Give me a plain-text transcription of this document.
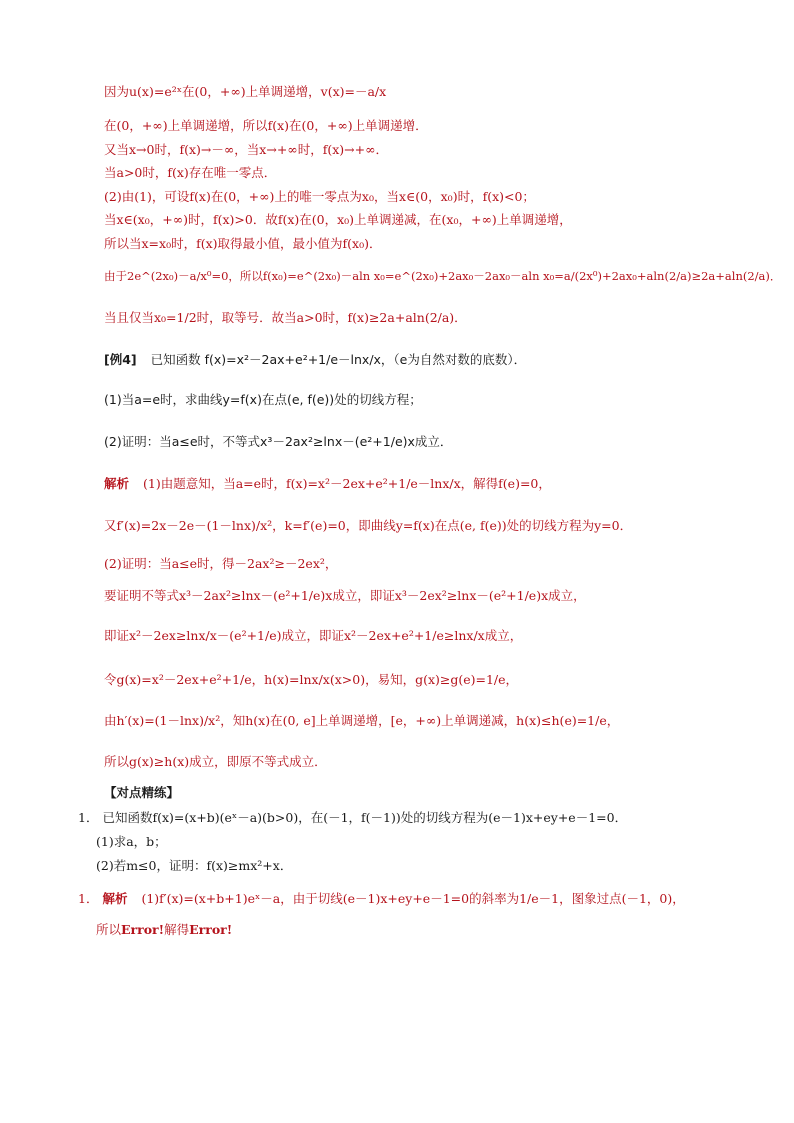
因为u(x)=e²ˣ在(0，+∞)上单调递增，v(x)=－a/x
在(0，+∞)上单调递增，所以f(x)在(0，+∞)上单调递增．
又当x→0时，f(x)→－∞，当x→+∞时，f(x)→+∞．
当a>0时，f(x)存在唯一零点．
(2)由(1)，可设f(x)在(0，+∞)上的唯一零点为x₀，当x∈(0，x₀)时，f(x)<0；
当x∈(x₀，+∞)时，f(x)>0．故f(x)在(0，x₀)上单调递减，在(x₀，+∞)上单调递增，
所以当x=x₀时，f(x)取得最小值，最小值为f(x₀)．
由于2e^(2x₀)－a/x⁰=0，所以f(x₀)=e^(2x₀)－aln x₀=e^(2x₀)+2ax₀－2ax₀－aln x₀=a/(2x⁰)+2ax₀+aln(2/a)≥2a+aln(2/a)．
当且仅当x₀=1/2时，取等号．故当a>0时，f(x)≥2a+aln(2/a)．
[例4] 已知函数 f(x)=x²－2ax+e²+1/e－lnx/x，（e为自然对数的底数）．
(1)当a=e时，求曲线y=f(x)在点(e, f(e))处的切线方程；
(2)证明：当a≤e时，不等式x³－2ax²≥lnx－(e²+1/e)x成立．
解析 (1)由题意知，当a=e时，f(x)=x²－2ex+e²+1/e－lnx/x，解得f(e)=0，
又f′(x)=2x－2e－(1－lnx)/x²，k=f′(e)=0，即曲线y=f(x)在点(e, f(e))处的切线方程为y=0．
(2)证明：当a≤e时，得－2ax²≥－2ex²，
要证明不等式x³－2ax²≥lnx－(e²+1/e)x成立，即证x³－2ex²≥lnx－(e²+1/e)x成立，
即证x²－2ex≥lnx/x－(e²+1/e)成立，即证x²－2ex+e²+1/e≥lnx/x成立，
令g(x)=x²－2ex+e²+1/e，h(x)=lnx/x(x>0)，易知，g(x)≥g(e)=1/e，
由h′(x)=(1－lnx)/x²，知h(x)在(0, e]上单调递增，[e，+∞)上单调递减，h(x)≤h(e)=1/e，
所以g(x)≥h(x)成立，即原不等式成立．
【对点精练】
1． 已知函数f(x)=(x+b)(eˣ－a)(b>0)，在(－1，f(－1))处的切线方程为(e－1)x+ey+e－1=0．
(1)求a，b；
(2)若m≤0，证明：f(x)≥mx²+x．
1． 解析 (1)f′(x)=(x+b+1)eˣ－a，由于切线(e－1)x+ey+e－1=0的斜率为1/e－1，图象过点(－1，0)，
所以Error!解得Error!
